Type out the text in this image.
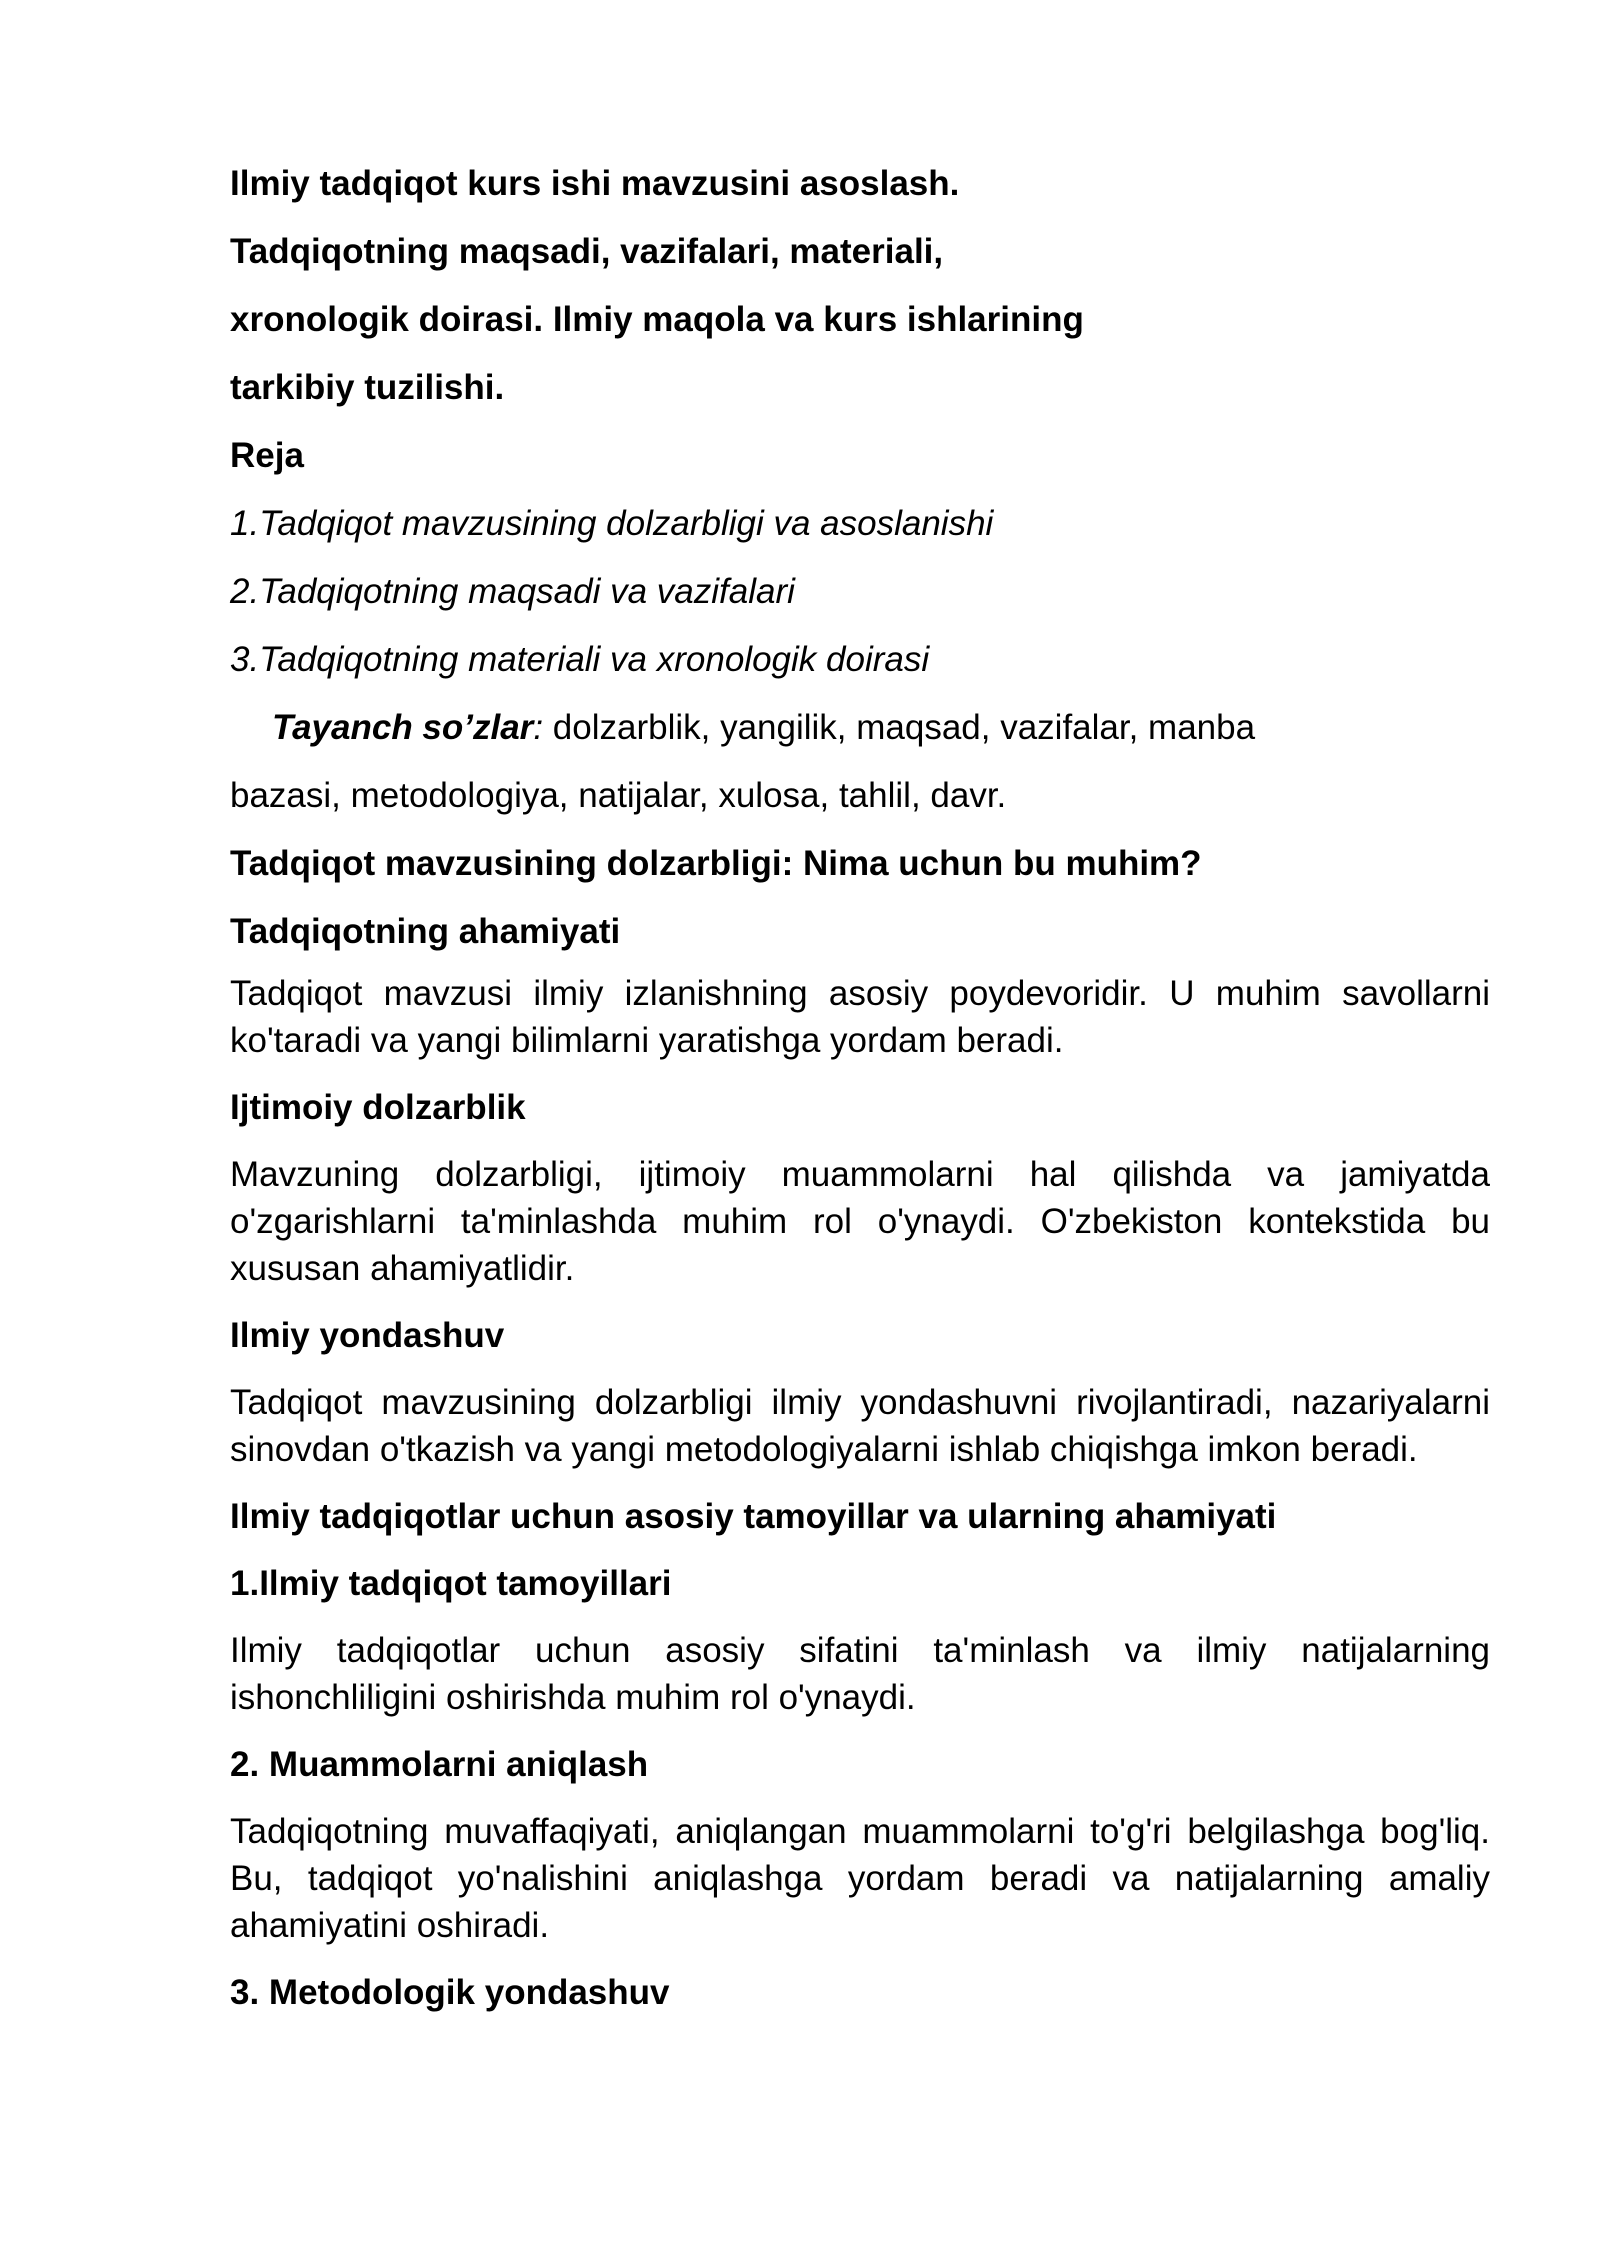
Ilmiy tadqiqot kurs ishi mavzusini asoslash.

Tadqiqotning maqsadi, vazifalari, materiali,

xronologik doirasi. Ilmiy maqola va kurs ishlarining

tarkibiy tuzilishi.

Reja

1.Tadqiqot mavzusining dolzarbligi va asoslanishi

2.Tadqiqotning maqsadi va vazifalari

3.Tadqiqotning materiali va xronologik doirasi

Tayanch so’zlar: dolzarblik, yangilik, maqsad, vazifalar, manba

bazasi, metodologiya, natijalar, xulosa, tahlil, davr.

Tadqiqot mavzusining dolzarbligi: Nima uchun bu muhim?

Tadqiqotning ahamiyati

Tadqiqot mavzusi ilmiy izlanishning asosiy poydevoridir. U muhim savollarni ko'taradi va yangi bilimlarni yaratishga yordam beradi.

Ijtimoiy dolzarblik

Mavzuning dolzarbligi, ijtimoiy muammolarni hal qilishda va jamiyatda o'zgarishlarni ta'minlashda muhim rol o'ynaydi. O'zbekiston kontekstida bu xususan ahamiyatlidir.

Ilmiy yondashuv

Tadqiqot mavzusining dolzarbligi ilmiy yondashuvni rivojlantiradi, nazariyalarni sinovdan o'tkazish va yangi metodologiyalarni ishlab chiqishga imkon beradi.

Ilmiy tadqiqotlar uchun asosiy tamoyillar va ularning ahamiyati

1.Ilmiy tadqiqot tamoyillari

Ilmiy tadqiqotlar uchun asosiy sifatini ta'minlash va ilmiy natijalarning ishonchliligini oshirishda muhim rol o'ynaydi.

2. Muammolarni aniqlash

Tadqiqotning muvaffaqiyati, aniqlangan muammolarni to'g'ri belgilashga bog'liq. Bu, tadqiqot yo'nalishini aniqlashga yordam beradi va natijalarning amaliy ahamiyatini oshiradi.

3. Metodologik yondashuv
